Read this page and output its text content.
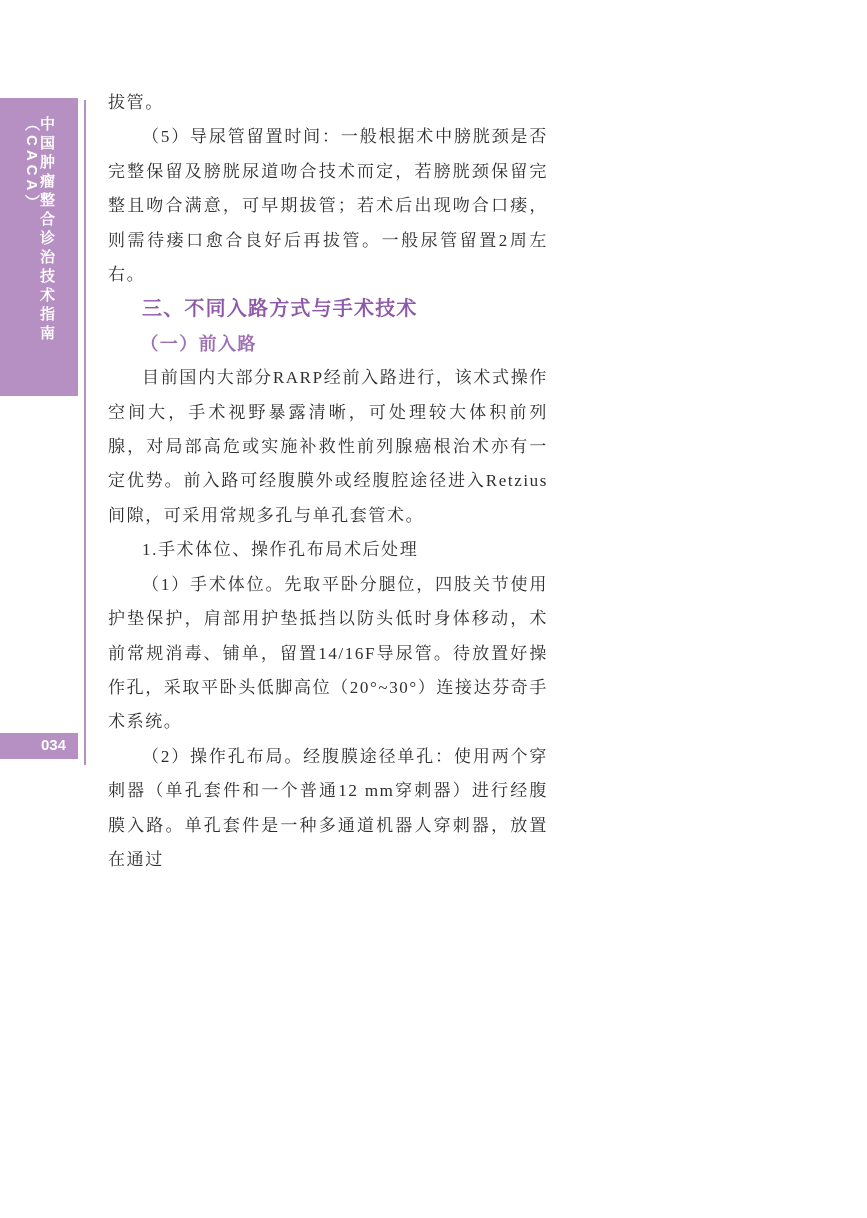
中国肿瘤整合诊治技术指南（CACA）
034

拔管。

（5）导尿管留置时间：一般根据术中膀胱颈是否完整保留及膀胱尿道吻合技术而定，若膀胱颈保留完整且吻合满意，可早期拔管；若术后出现吻合口瘘，则需待瘘口愈合良好后再拔管。一般尿管留置2周左右。

三、不同入路方式与手术技术

（一）前入路

目前国内大部分RARP经前入路进行，该术式操作空间大，手术视野暴露清晰，可处理较大体积前列腺，对局部高危或实施补救性前列腺癌根治术亦有一定优势。前入路可经腹膜外或经腹腔途径进入Retzius间隙，可采用常规多孔与单孔套管术。

1.手术体位、操作孔布局术后处理

（1）手术体位。先取平卧分腿位，四肢关节使用护垫保护，肩部用护垫抵挡以防头低时身体移动，术前常规消毒、铺单，留置14/16F导尿管。待放置好操作孔，采取平卧头低脚高位（20°~30°）连接达芬奇手术系统。

（2）操作孔布局。经腹膜途径单孔：使用两个穿刺器（单孔套件和一个普通12 mm穿刺器）进行经腹膜入路。单孔套件是一种多通道机器人穿刺器，放置在通过
